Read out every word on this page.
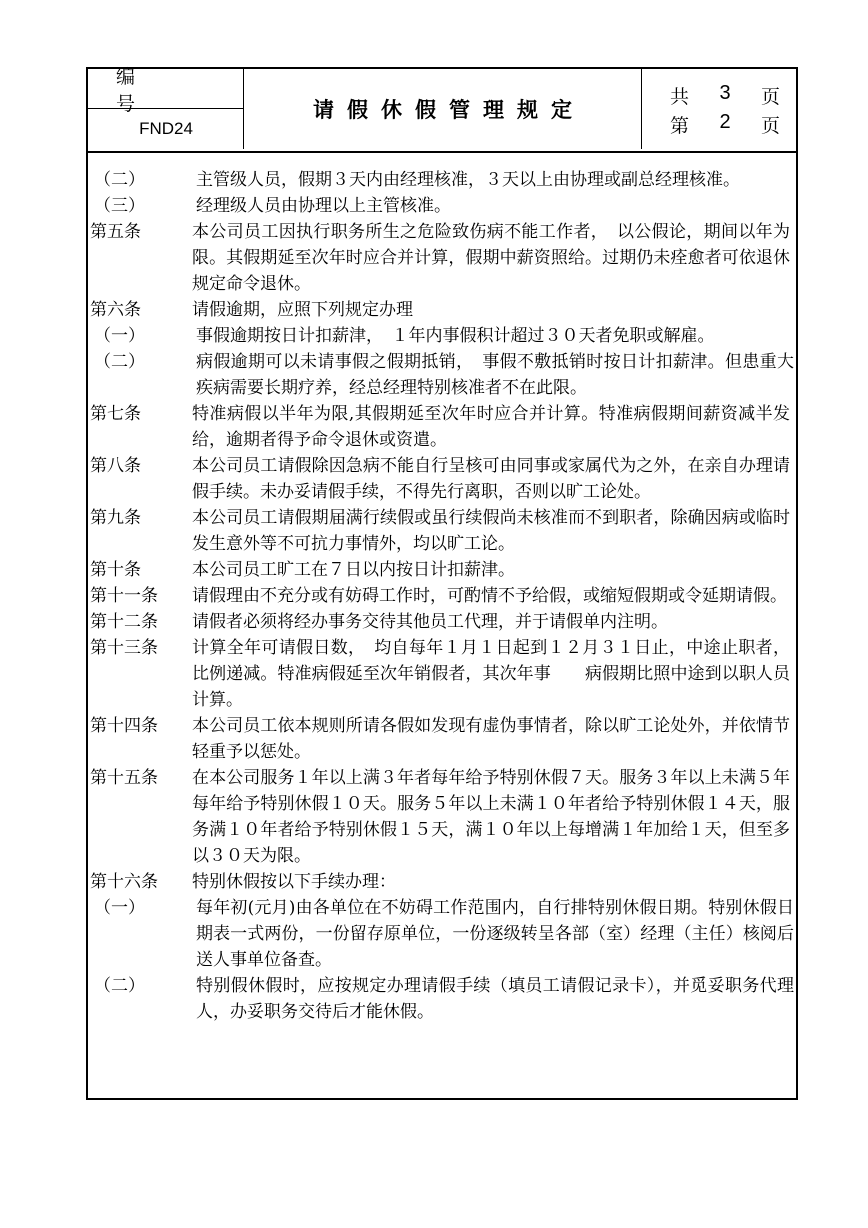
编　号
FND24
请假休假管理规定
共 3 页
第 2 页
（二）	主管级人员，假期３天内由经理核准，３天以上由协理或副总经理核准。
（三）	经理级人员由协理以上主管核准。
第五条	本公司员工因执行职务所生之危险致伤病不能工作者，　以公假论，期间以年为限。其假期延至次年时应合并计算，假期中薪资照给。过期仍未痊愈者可依退休规定命令退休。
第六条	请假逾期，应照下列规定办理
（一）	事假逾期按日计扣薪津，　１年内事假积计超过３０天者免职或解雇。
（二）	病假逾期可以未请事假之假期抵销，　事假不敷抵销时按日计扣薪津。但患重大疾病需要长期疗养，经总经理特别核准者不在此限。
第七条	特准病假以半年为限,其假期延至次年时应合并计算。特准病假期间薪资减半发给，逾期者得予命令退休或资遣。
第八条	本公司员工请假除因急病不能自行呈核可由同事或家属代为之外，在亲自办理请假手续。未办妥请假手续，不得先行离职，否则以旷工论处。
第九条	本公司员工请假期届满行续假或虽行续假尚未核准而不到职者，除确因病或临时发生意外等不可抗力事情外，均以旷工论。
第十条	本公司员工旷工在７日以内按日计扣薪津。
第十一条	请假理由不充分或有妨碍工作时，可酌情不予给假，或缩短假期或令延期请假。
第十二条	请假者必须将经办事务交待其他员工代理，并于请假单内注明。
第十三条	计算全年可请假日数，　均自每年１月１日起到１２月３１日止，中途止职者，比例递减。特准病假延至次年销假者，其次年事　　病假期比照中途到以职人员计算。
第十四条	本公司员工依本规则所请各假如发现有虚伪事情者，除以旷工论处外，并依情节轻重予以惩处。
第十五条	在本公司服务１年以上满３年者每年给予特别休假７天。服务３年以上未满５年每年给予特别休假１０天。服务５年以上未满１０年者给予特别休假１４天，服务满１０年者给予特别休假１５天，满１０年以上每增满１年加给１天，但至多以３０天为限。
第十六条	特别休假按以下手续办理：
（一）	每年初(元月)由各单位在不妨碍工作范围内，自行排特别休假日期。特别休假日期表一式两份，一份留存原单位，一份逐级转呈各部（室）经理（主任）核阅后送人事单位备查。
（二）	特别假休假时，应按规定办理请假手续（填员工请假记录卡），并觅妥职务代理人，办妥职务交待后才能休假。
